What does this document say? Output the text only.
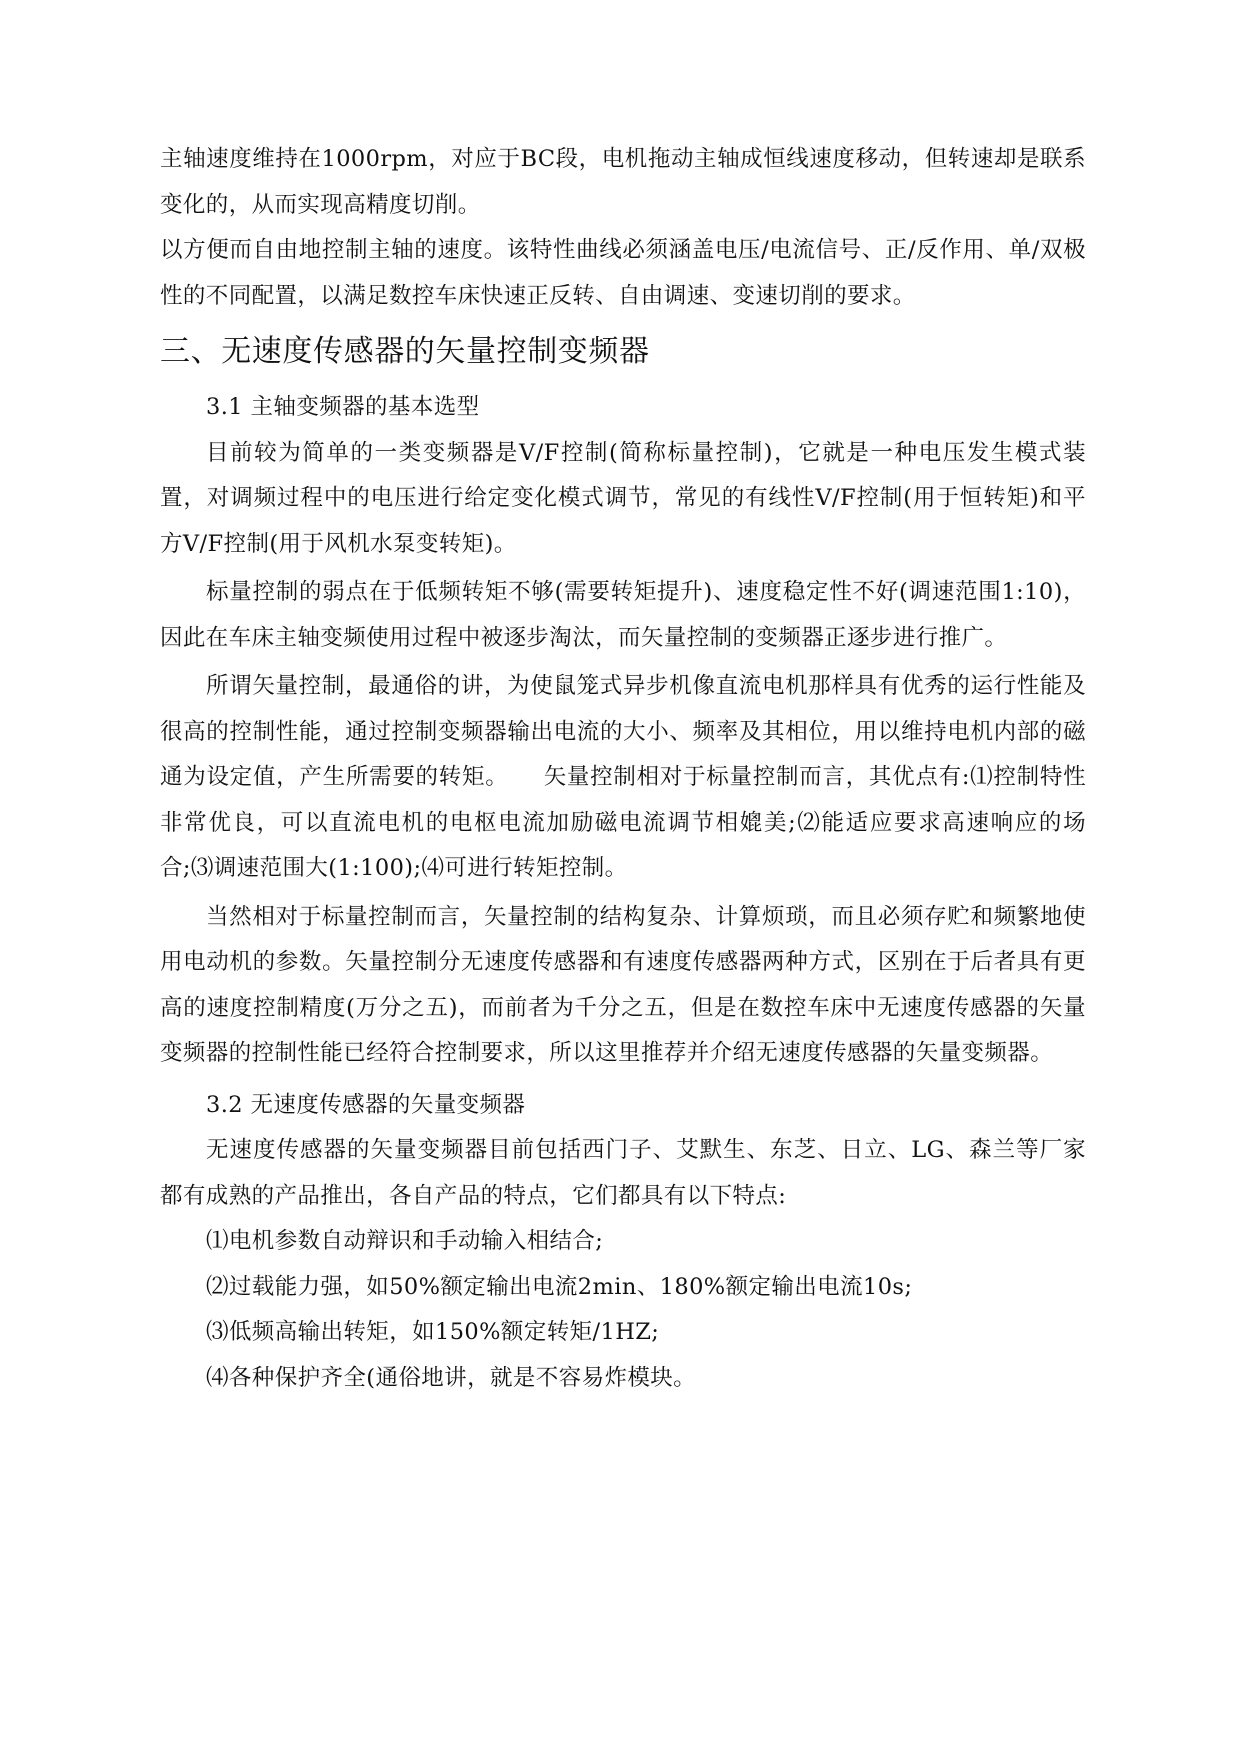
主轴速度维持在1000rpm，对应于BC段，电机拖动主轴成恒线速度移动，但转速却是联系变化的，从而实现高精度切削。

以方便而自由地控制主轴的速度。该特性曲线必须涵盖电压/电流信号、正/反作用、单/双极性的不同配置，以满足数控车床快速正反转、自由调速、变速切削的要求。

三、无速度传感器的矢量控制变频器

3.1 主轴变频器的基本选型

目前较为简单的一类变频器是V/F控制(简称标量控制)，它就是一种电压发生模式装置，对调频过程中的电压进行给定变化模式调节，常见的有线性V/F控制(用于恒转矩)和平方V/F控制(用于风机水泵变转矩)。

标量控制的弱点在于低频转矩不够(需要转矩提升)、速度稳定性不好(调速范围1:10)，因此在车床主轴变频使用过程中被逐步淘汰，而矢量控制的变频器正逐步进行推广。

所谓矢量控制，最通俗的讲，为使鼠笼式异步机像直流电机那样具有优秀的运行性能及很高的控制性能，通过控制变频器输出电流的大小、频率及其相位，用以维持电机内部的磁通为设定值，产生所需要的转矩。　　矢量控制相对于标量控制而言，其优点有:⑴控制特性非常优良，可以直流电机的电枢电流加励磁电流调节相媲美;⑵能适应要求高速响应的场合;⑶调速范围大(1:100);⑷可进行转矩控制。

当然相对于标量控制而言，矢量控制的结构复杂、计算烦琐，而且必须存贮和频繁地使用电动机的参数。矢量控制分无速度传感器和有速度传感器两种方式，区别在于后者具有更高的速度控制精度(万分之五)，而前者为千分之五，但是在数控车床中无速度传感器的矢量变频器的控制性能已经符合控制要求，所以这里推荐并介绍无速度传感器的矢量变频器。

3.2 无速度传感器的矢量变频器

无速度传感器的矢量变频器目前包括西门子、艾默生、东芝、日立、LG、森兰等厂家都有成熟的产品推出，各自产品的特点，它们都具有以下特点:

⑴电机参数自动辩识和手动输入相结合;

⑵过载能力强，如50%额定输出电流2min、180%额定输出电流10s;

⑶低频高输出转矩，如150%额定转矩/1HZ;

⑷各种保护齐全(通俗地讲，就是不容易炸模块。
